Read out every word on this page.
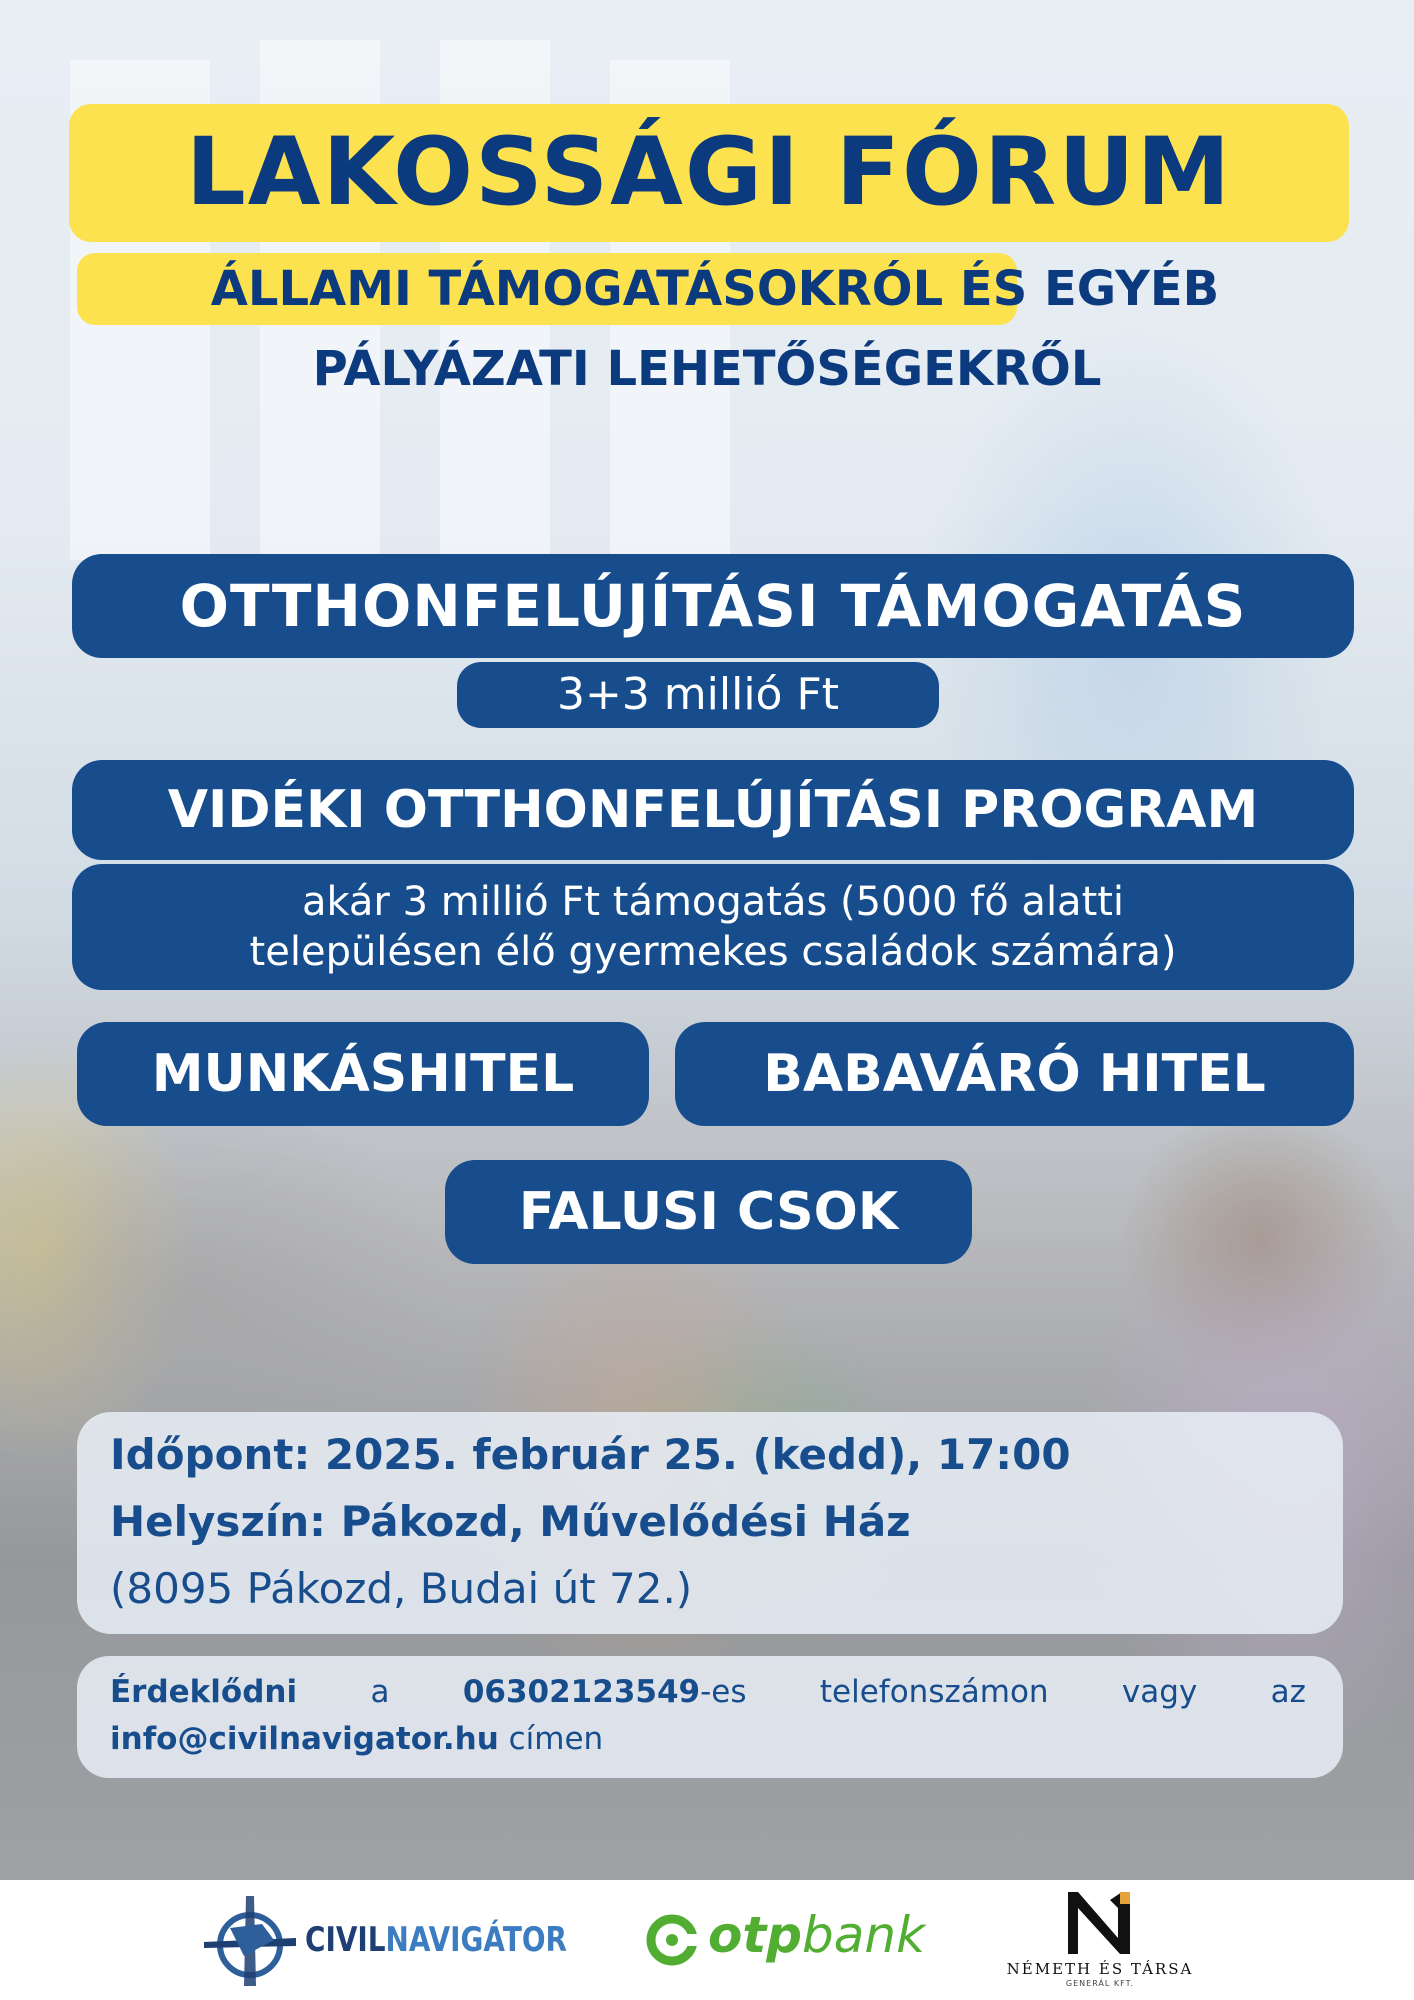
LAKOSSÁGI FÓRUM
ÁLLAMI TÁMOGATÁSOKRÓL ÉS EGYÉB
PÁLYÁZATI LEHETŐSÉGEKRŐL
OTTHONFELÚJÍTÁSI TÁMOGATÁS
3+3 millió Ft
VIDÉKI OTTHONFELÚJÍTÁSI PROGRAM
akár 3 millió Ft támogatás (5000 fő alatti
településen élő gyermekes családok számára)
MUNKÁSHITEL	BABAVÁRÓ HITEL
FALUSI CSOK
Időpont: 2025. február 25. (kedd), 17:00
Helyszín: Pákozd, Művelődési Ház
(8095 Pákozd, Budai út 72.)
Érdeklődni a 06302123549-es telefonszámon vagy az
info@civilnavigator.hu címen
CIVILNAVIGÁTOR	otpbank
NÉMETH ÉS TÁRSA
GENERÁL KFT.
